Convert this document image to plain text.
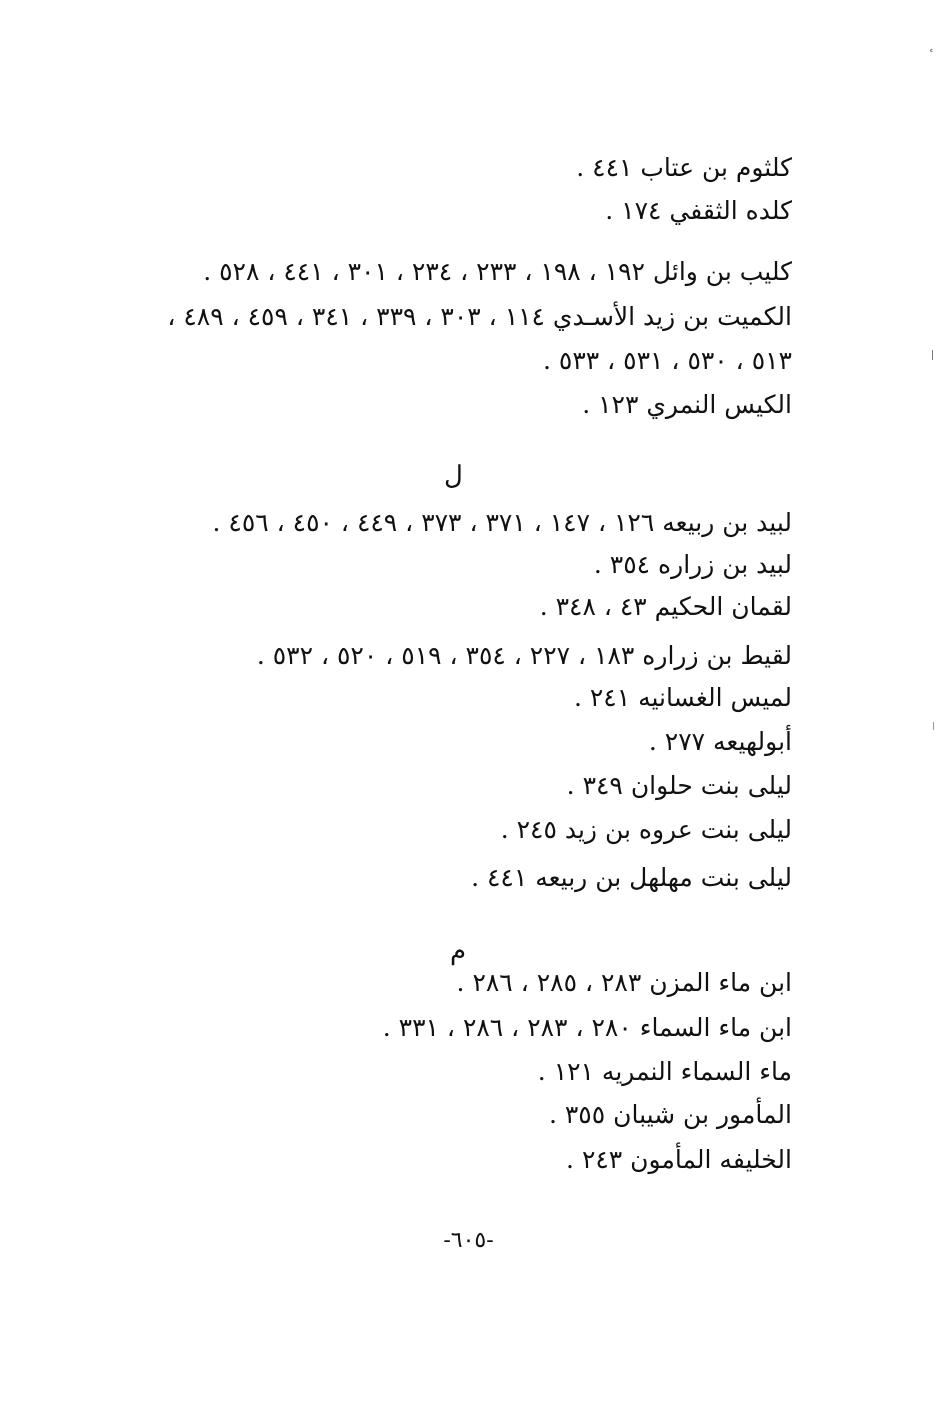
كلثوم بن عتاب ٤٤١ .
كلده الثقفي ١٧٤ .
كليب بن وائل ١٩٢ ، ١٩٨ ، ٢٣٣ ، ٢٣٤ ، ٣٠١ ، ٤٤١ ، ٥٢٨ .
الكميت بن زيد الأسـدي ١١٤ ، ٣٠٣ ، ٣٣٩ ، ٣٤١ ، ٤٥٩ ، ٤٨٩ ،
٥١٣ ، ٥٣٠ ، ٥٣١ ، ٥٣٣ .
الكيس النمري ١٢٣ .
ل
لبيد بن ربيعه ١٢٦ ، ١٤٧ ، ٣٧١ ، ٣٧٣ ، ٤٤٩ ، ٤٥٠ ، ٤٥٦ .
لبيد بن زراره ٣٥٤ .
لقمان الحكيم ٤٣ ، ٣٤٨ .
لقيط بن زراره ١٨٣ ، ٢٢٧ ، ٣٥٤ ، ٥١٩ ، ٥٢٠ ، ٥٣٢ .
لميس الغسانيه ٢٤١ .
أبولهيعه ٢٧٧ .
ليلى بنت حلوان ٣٤٩ .
ليلى بنت عروه بن زيد ٢٤٥ .
ليلى بنت مهلهل بن ربيعه ٤٤١ .
م
ابن ماء المزن ٢٨٣ ، ٢٨٥ ، ٢٨٦ .
ابن ماء السماء ٢٨٠ ، ٢٨٣ ، ٢٨٦ ، ٣٣١ .
ماء السماء النمريه ١٢١ .
المأمور بن شيبان ٣٥٥ .
الخليفه المأمون ٢٤٣ .
-٦٠٥-
